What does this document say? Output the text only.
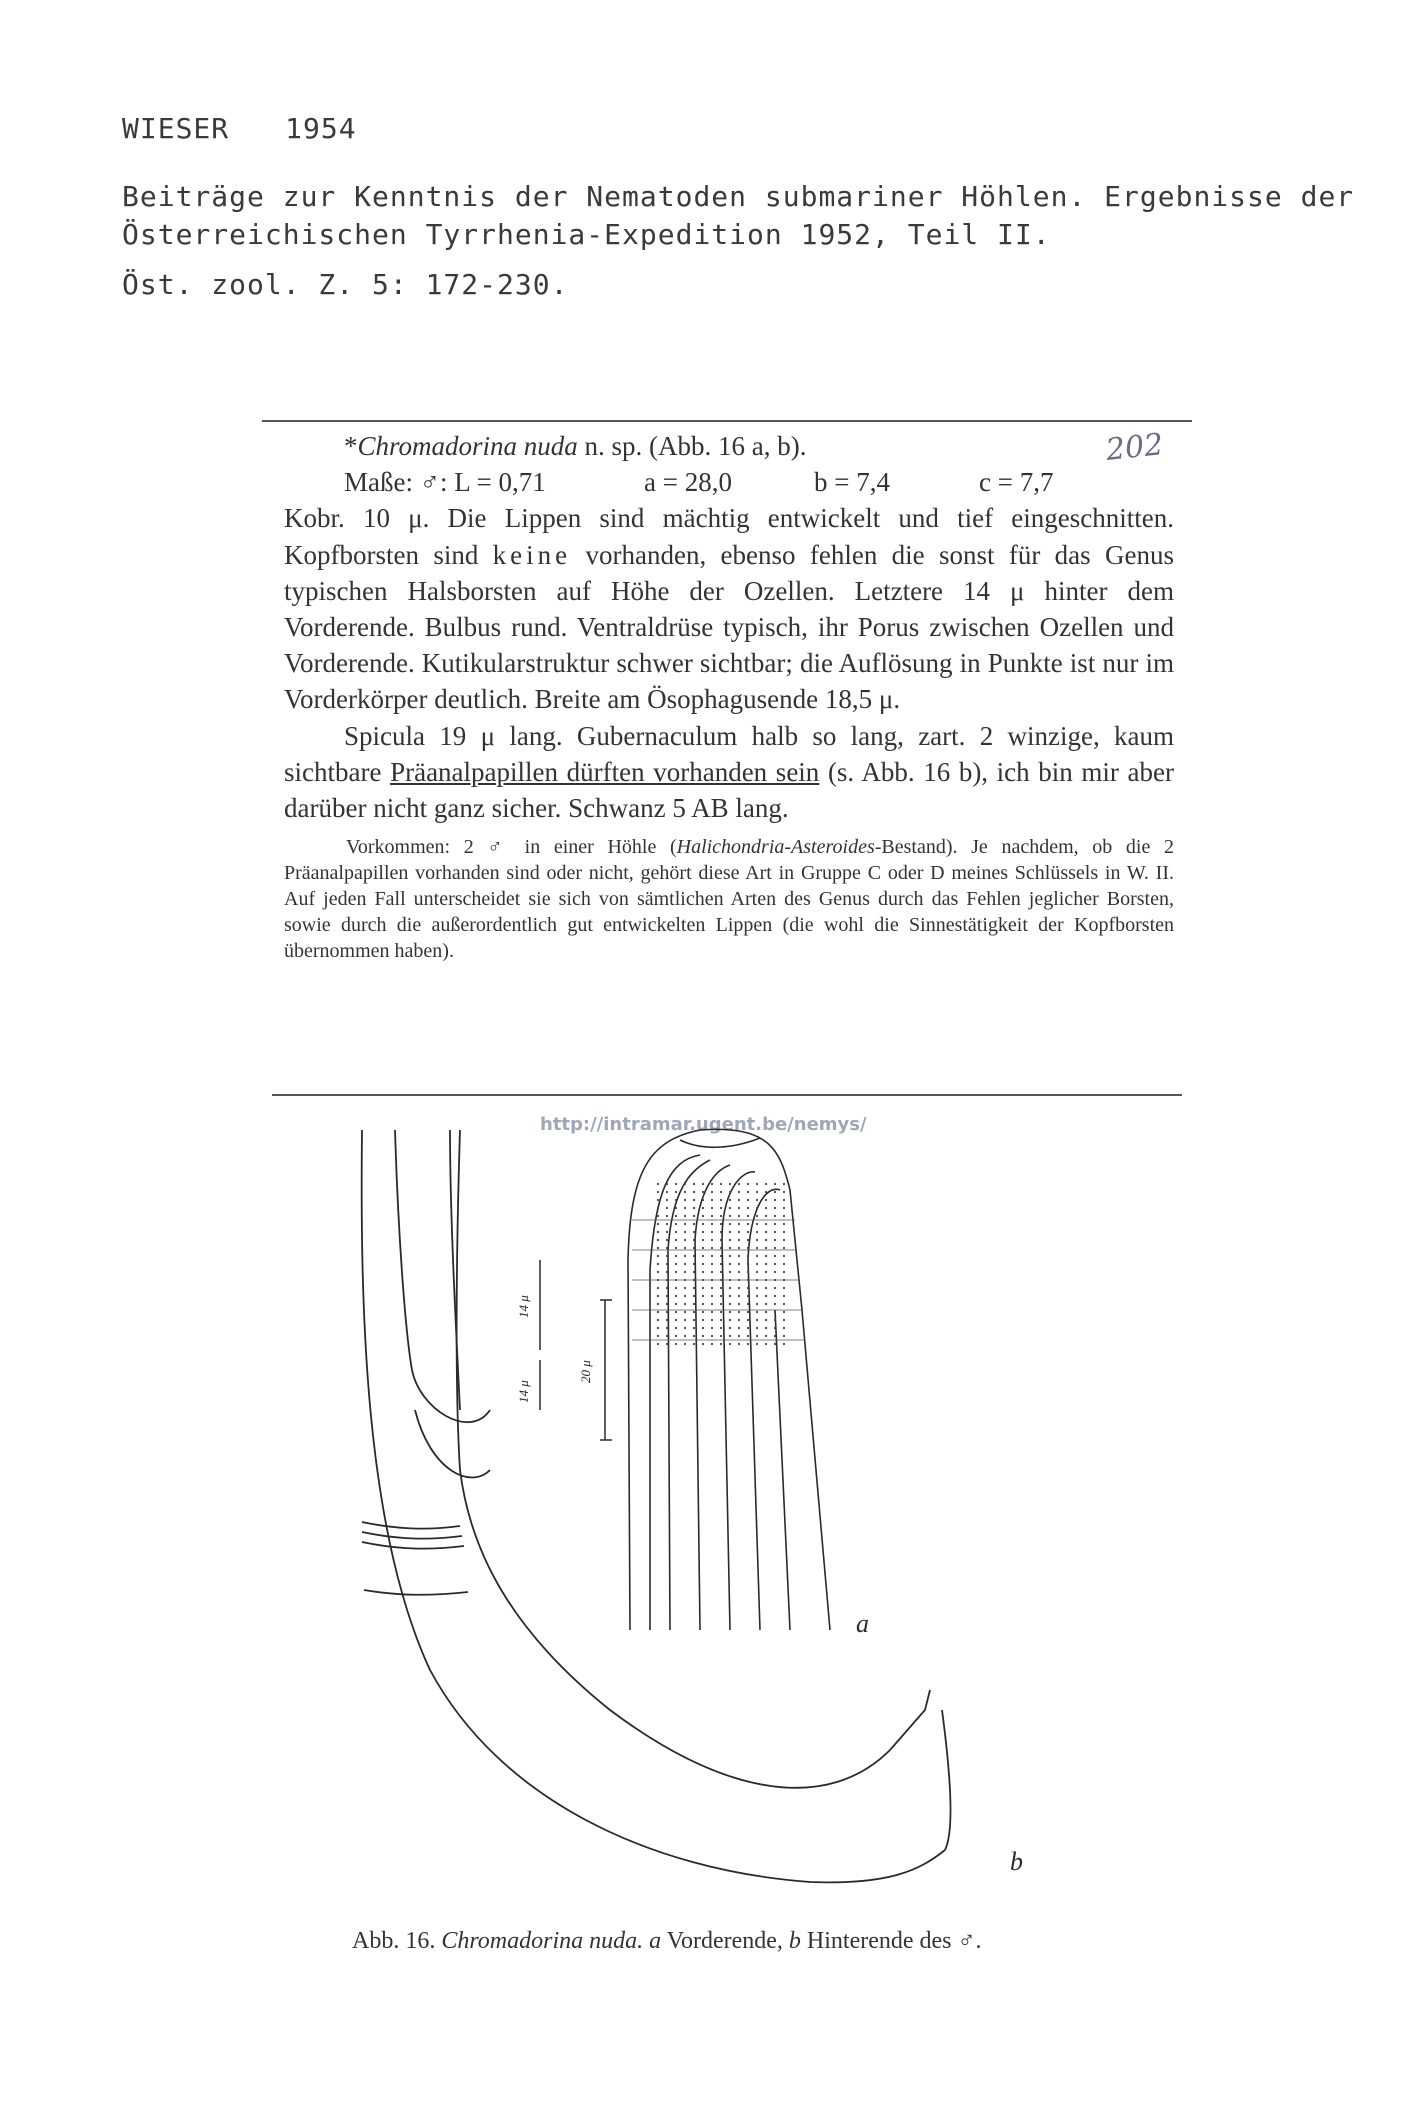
WIESER 1954
Beiträge zur Kenntnis der Nematoden submariner Höhlen. Ergebnisse der Österreichischen Tyrrhenia-Expedition 1952, Teil II.
Öst. zool. Z. 5: 172-230.
202
*Chromadorina nuda n. sp. (Abb. 16 a, b).
Maße: ♂: L = 0,71	a = 28,0	b = 7,4	c = 7,7

Kobr. 10 μ. Die Lippen sind mächtig entwickelt und tief eingeschnitten. Kopfborsten sind keine vorhanden, ebenso fehlen die sonst für das Genus typischen Halsborsten auf Höhe der Ozellen. Letztere 14 μ hinter dem Vorderende. Bulbus rund. Ventraldrüse typisch, ihr Porus zwischen Ozellen und Vorderende. Kutikularstruktur schwer sichtbar; die Auflösung in Punkte ist nur im Vorderkörper deutlich. Breite am Ösophagusende 18,5 μ.

Spicula 19 μ lang. Gubernaculum halb so lang, zart. 2 winzige, kaum sichtbare Präanalpapillen dürften vorhanden sein (s. Abb. 16 b), ich bin mir aber darüber nicht ganz sicher. Schwanz 5 AB lang.

Vorkommen: 2 ♂ in einer Höhle (Halichondria-Asteroides-Bestand). Je nachdem, ob die 2 Präanalpapillen vorhanden sind oder nicht, gehört diese Art in Gruppe C oder D meines Schlüssels in W. II. Auf jeden Fall unterscheidet sie sich von sämtlichen Arten des Genus durch das Fehlen jeglicher Borsten, sowie durch die außerordentlich gut entwickelten Lippen (die wohl die Sinnestätigkeit der Kopfborsten übernommen haben).

http://intramar.ugent.be/nemys/
a
b
14 μ
14 μ
20 μ
Abb. 16. Chromadorina nuda. a Vorderende, b Hinterende des ♂.
